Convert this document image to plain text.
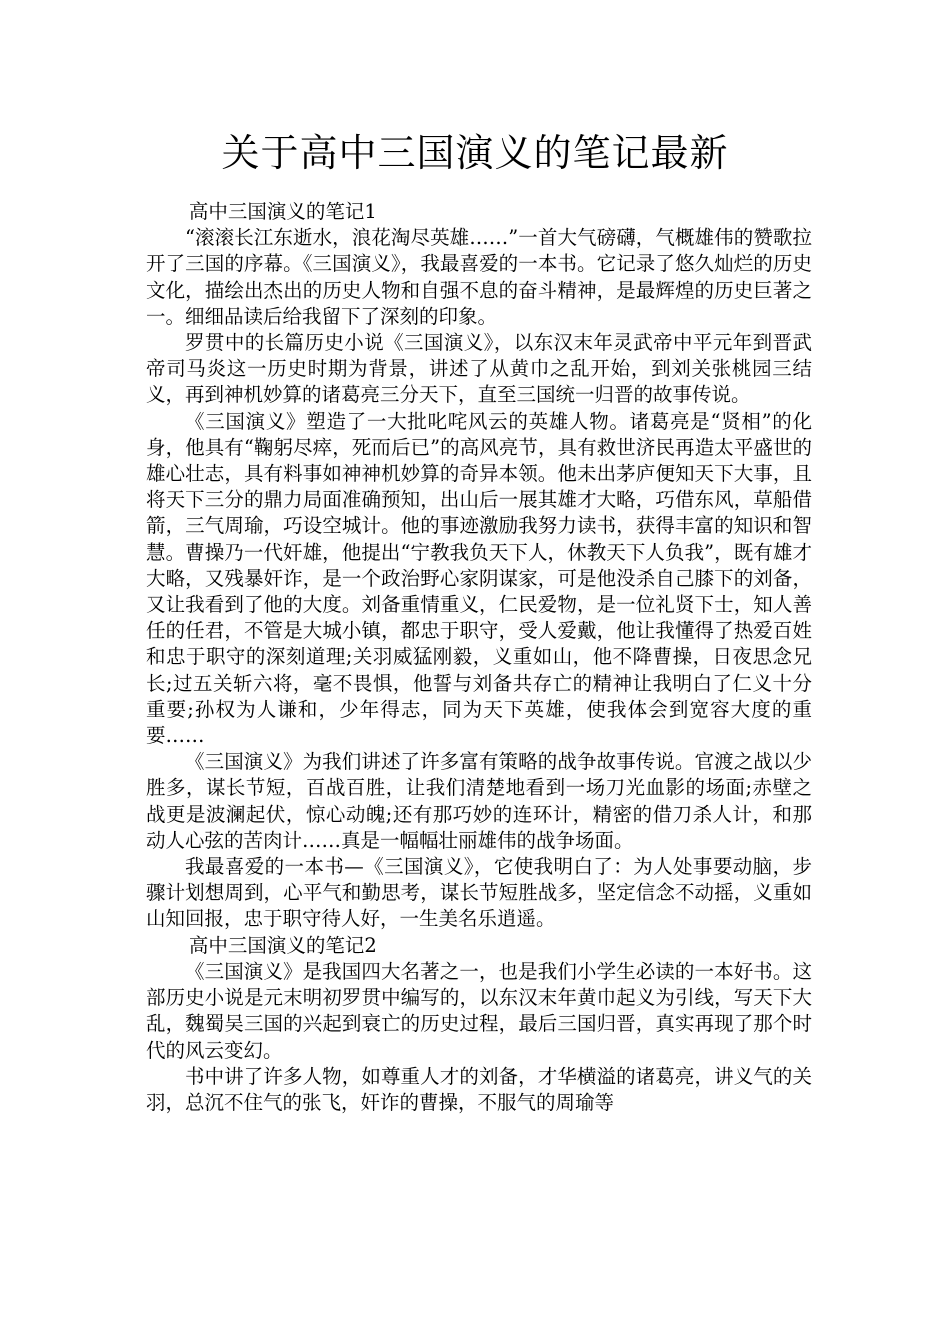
关于高中三国演义的笔记最新

高中三国演义的笔记1

“滚滚长江东逝水，浪花淘尽英雄……”一首大气磅礴，气概雄伟的赞歌拉开了三国的序幕。《三国演义》，我最喜爱的一本书。它记录了悠久灿烂的历史文化，描绘出杰出的历史人物和自强不息的奋斗精神，是最辉煌的历史巨著之一。细细品读后给我留下了深刻的印象。

罗贯中的长篇历史小说《三国演义》，以东汉末年灵武帝中平元年到晋武帝司马炎这一历史时期为背景，讲述了从黄巾之乱开始，到刘关张桃园三结义，再到神机妙算的诸葛亮三分天下，直至三国统一归晋的故事传说。

《三国演义》塑造了一大批叱咤风云的英雄人物。诸葛亮是“贤相”的化身，他具有“鞠躬尽瘁，死而后已”的高风亮节，具有救世济民再造太平盛世的雄心壮志，具有料事如神神机妙算的奇异本领。他未出茅庐便知天下大事，且将天下三分的鼎力局面准确预知，出山后一展其雄才大略，巧借东风，草船借箭，三气周瑜，巧设空城计。他的事迹激励我努力读书，获得丰富的知识和智慧。曹操乃一代奸雄，他提出“宁教我负天下人，休教天下人负我”，既有雄才大略，又残暴奸诈，是一个政治野心家阴谋家，可是他没杀自己膝下的刘备，又让我看到了他的大度。刘备重情重义，仁民爱物，是一位礼贤下士，知人善任的任君，不管是大城小镇，都忠于职守，受人爱戴，他让我懂得了热爱百姓和忠于职守的深刻道理;关羽威猛刚毅，义重如山，他不降曹操，日夜思念兄长;过五关斩六将，毫不畏惧，他誓与刘备共存亡的精神让我明白了仁义十分重要;孙权为人谦和，少年得志，同为天下英雄，使我体会到宽容大度的重要……

《三国演义》为我们讲述了许多富有策略的战争故事传说。官渡之战以少胜多，谋长节短，百战百胜，让我们清楚地看到一场刀光血影的场面;赤壁之战更是波澜起伏，惊心动魄;还有那巧妙的连环计，精密的借刀杀人计，和那动人心弦的苦肉计……真是一幅幅壮丽雄伟的战争场面。

我最喜爱的一本书—《三国演义》，它使我明白了：为人处事要动脑，步骤计划想周到，心平气和勤思考，谋长节短胜战多，坚定信念不动摇，义重如山知回报，忠于职守待人好，一生美名乐逍遥。

高中三国演义的笔记2

《三国演义》是我国四大名著之一，也是我们小学生必读的一本好书。这部历史小说是元末明初罗贯中编写的，以东汉末年黄巾起义为引线，写天下大乱，魏蜀吴三国的兴起到衰亡的历史过程，最后三国归晋，真实再现了那个时代的风云变幻。

书中讲了许多人物，如尊重人才的刘备，才华横溢的诸葛亮，讲义气的关羽，总沉不住气的张飞，奸诈的曹操，不服气的周瑜等
